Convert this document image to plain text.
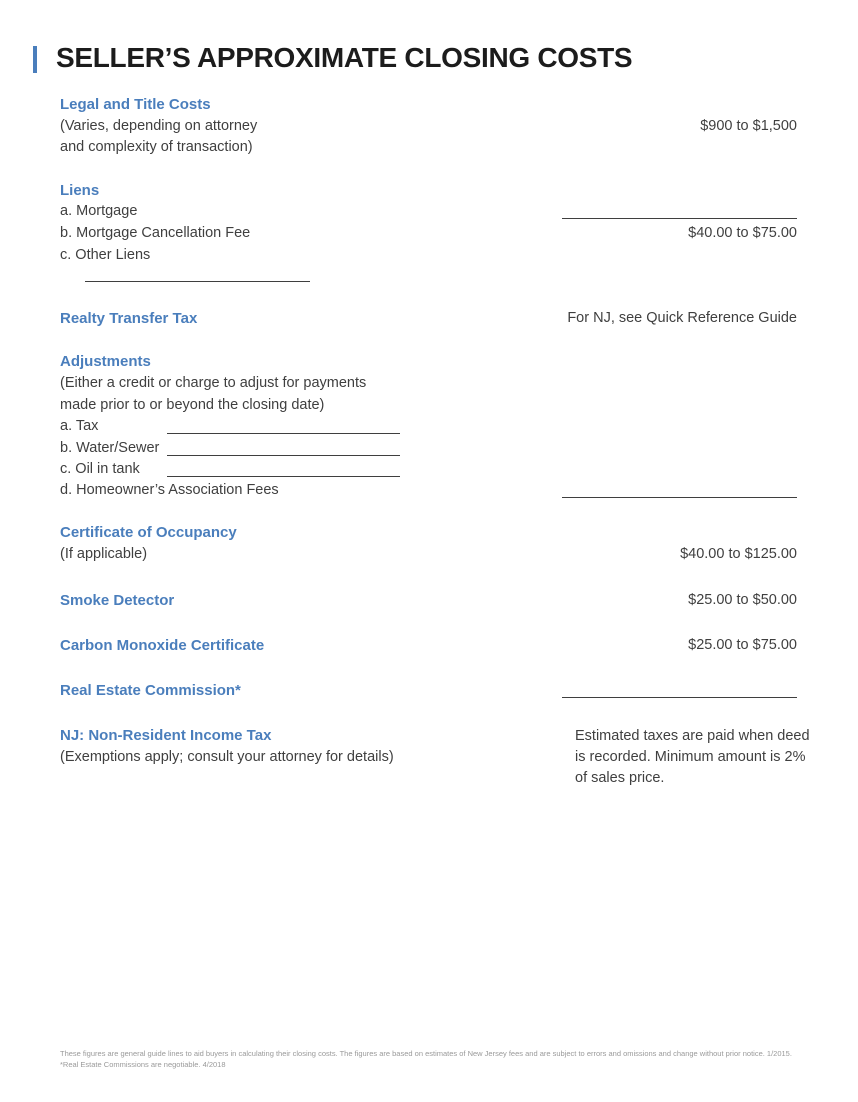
SELLER’S APPROXIMATE CLOSING COSTS
Legal and Title Costs
(Varies, depending on attorney	$900 to $1,500
and complexity of transaction)
Liens
a. Mortgage
b. Mortgage Cancellation Fee	$40.00 to $75.00
c. Other Liens
Realty Transfer Tax	For NJ, see Quick Reference Guide
Adjustments
(Either a credit or charge to adjust for payments
made prior to or beyond the closing date)
a. Tax
b. Water/Sewer
c. Oil in tank
d. Homeowner’s Association Fees
Certificate of Occupancy
(If applicable)	$40.00 to $125.00
Smoke Detector	$25.00 to $50.00
Carbon Monoxide Certificate	$25.00 to $75.00
Real Estate Commission*
NJ: Non-Resident Income Tax
(Exemptions apply; consult your attorney for details)
Estimated taxes are paid when deed
is recorded. Minimum amount is 2%
of sales price.
These figures are general guide lines to aid buyers in calculating their closing costs. The figures are based on estimates of New Jersey fees and are subject to errors and omissions and change without prior notice. 1/2015. *Real Estate Commissions are negotiable. 4/2018
